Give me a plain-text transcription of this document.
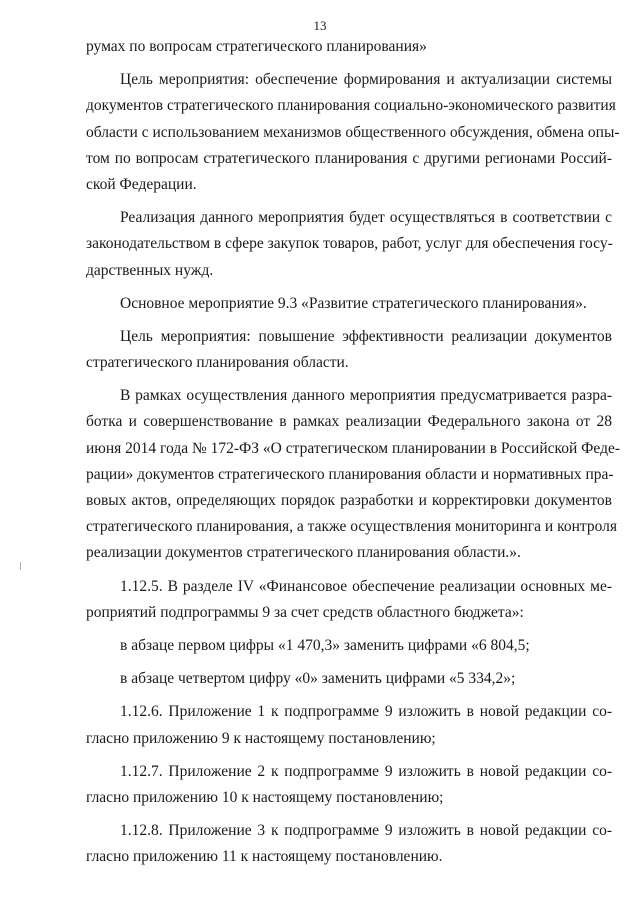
13
румах по вопросам стратегического планирования»
Цель мероприятия: обеспечение формирования и актуализации системы
документов стратегического планирования социально-экономического развития
области с использованием механизмов общественного обсуждения, обмена опы-
том по вопросам стратегического планирования с другими регионами Россий-
ской Федерации.
Реализация данного мероприятия будет осуществляться в соответствии с
законодательством в сфере закупок товаров, работ, услуг для обеспечения госу-
дарственных нужд.
Основное мероприятие 9.3 «Развитие стратегического планирования».
Цель мероприятия: повышение эффективности реализации документов
стратегического планирования области.
В рамках осуществления данного мероприятия предусматривается разра-
ботка и совершенствование в рамках реализации Федерального закона от 28
июня 2014 года № 172-ФЗ «О стратегическом планировании в Российской Феде-
рации» документов стратегического планирования области и нормативных пра-
вовых актов, определяющих порядок разработки и корректировки документов
стратегического планирования, а также осуществления мониторинга и контроля
реализации документов стратегического планирования области.».
1.12.5. В разделе IV «Финансовое обеспечение реализации основных ме-
роприятий подпрограммы 9 за счет средств областного бюджета»:
в абзаце первом цифры «1 470,3» заменить цифрами «6 804,5;
в абзаце четвертом цифру «0» заменить цифрами «5 334,2»;
1.12.6. Приложение 1 к подпрограмме 9 изложить в новой редакции со-
гласно приложению 9 к настоящему постановлению;
1.12.7. Приложение 2 к подпрограмме 9 изложить в новой редакции со-
гласно приложению 10 к настоящему постановлению;
1.12.8. Приложение 3 к подпрограмме 9 изложить в новой редакции со-
гласно приложению 11 к настоящему постановлению.
